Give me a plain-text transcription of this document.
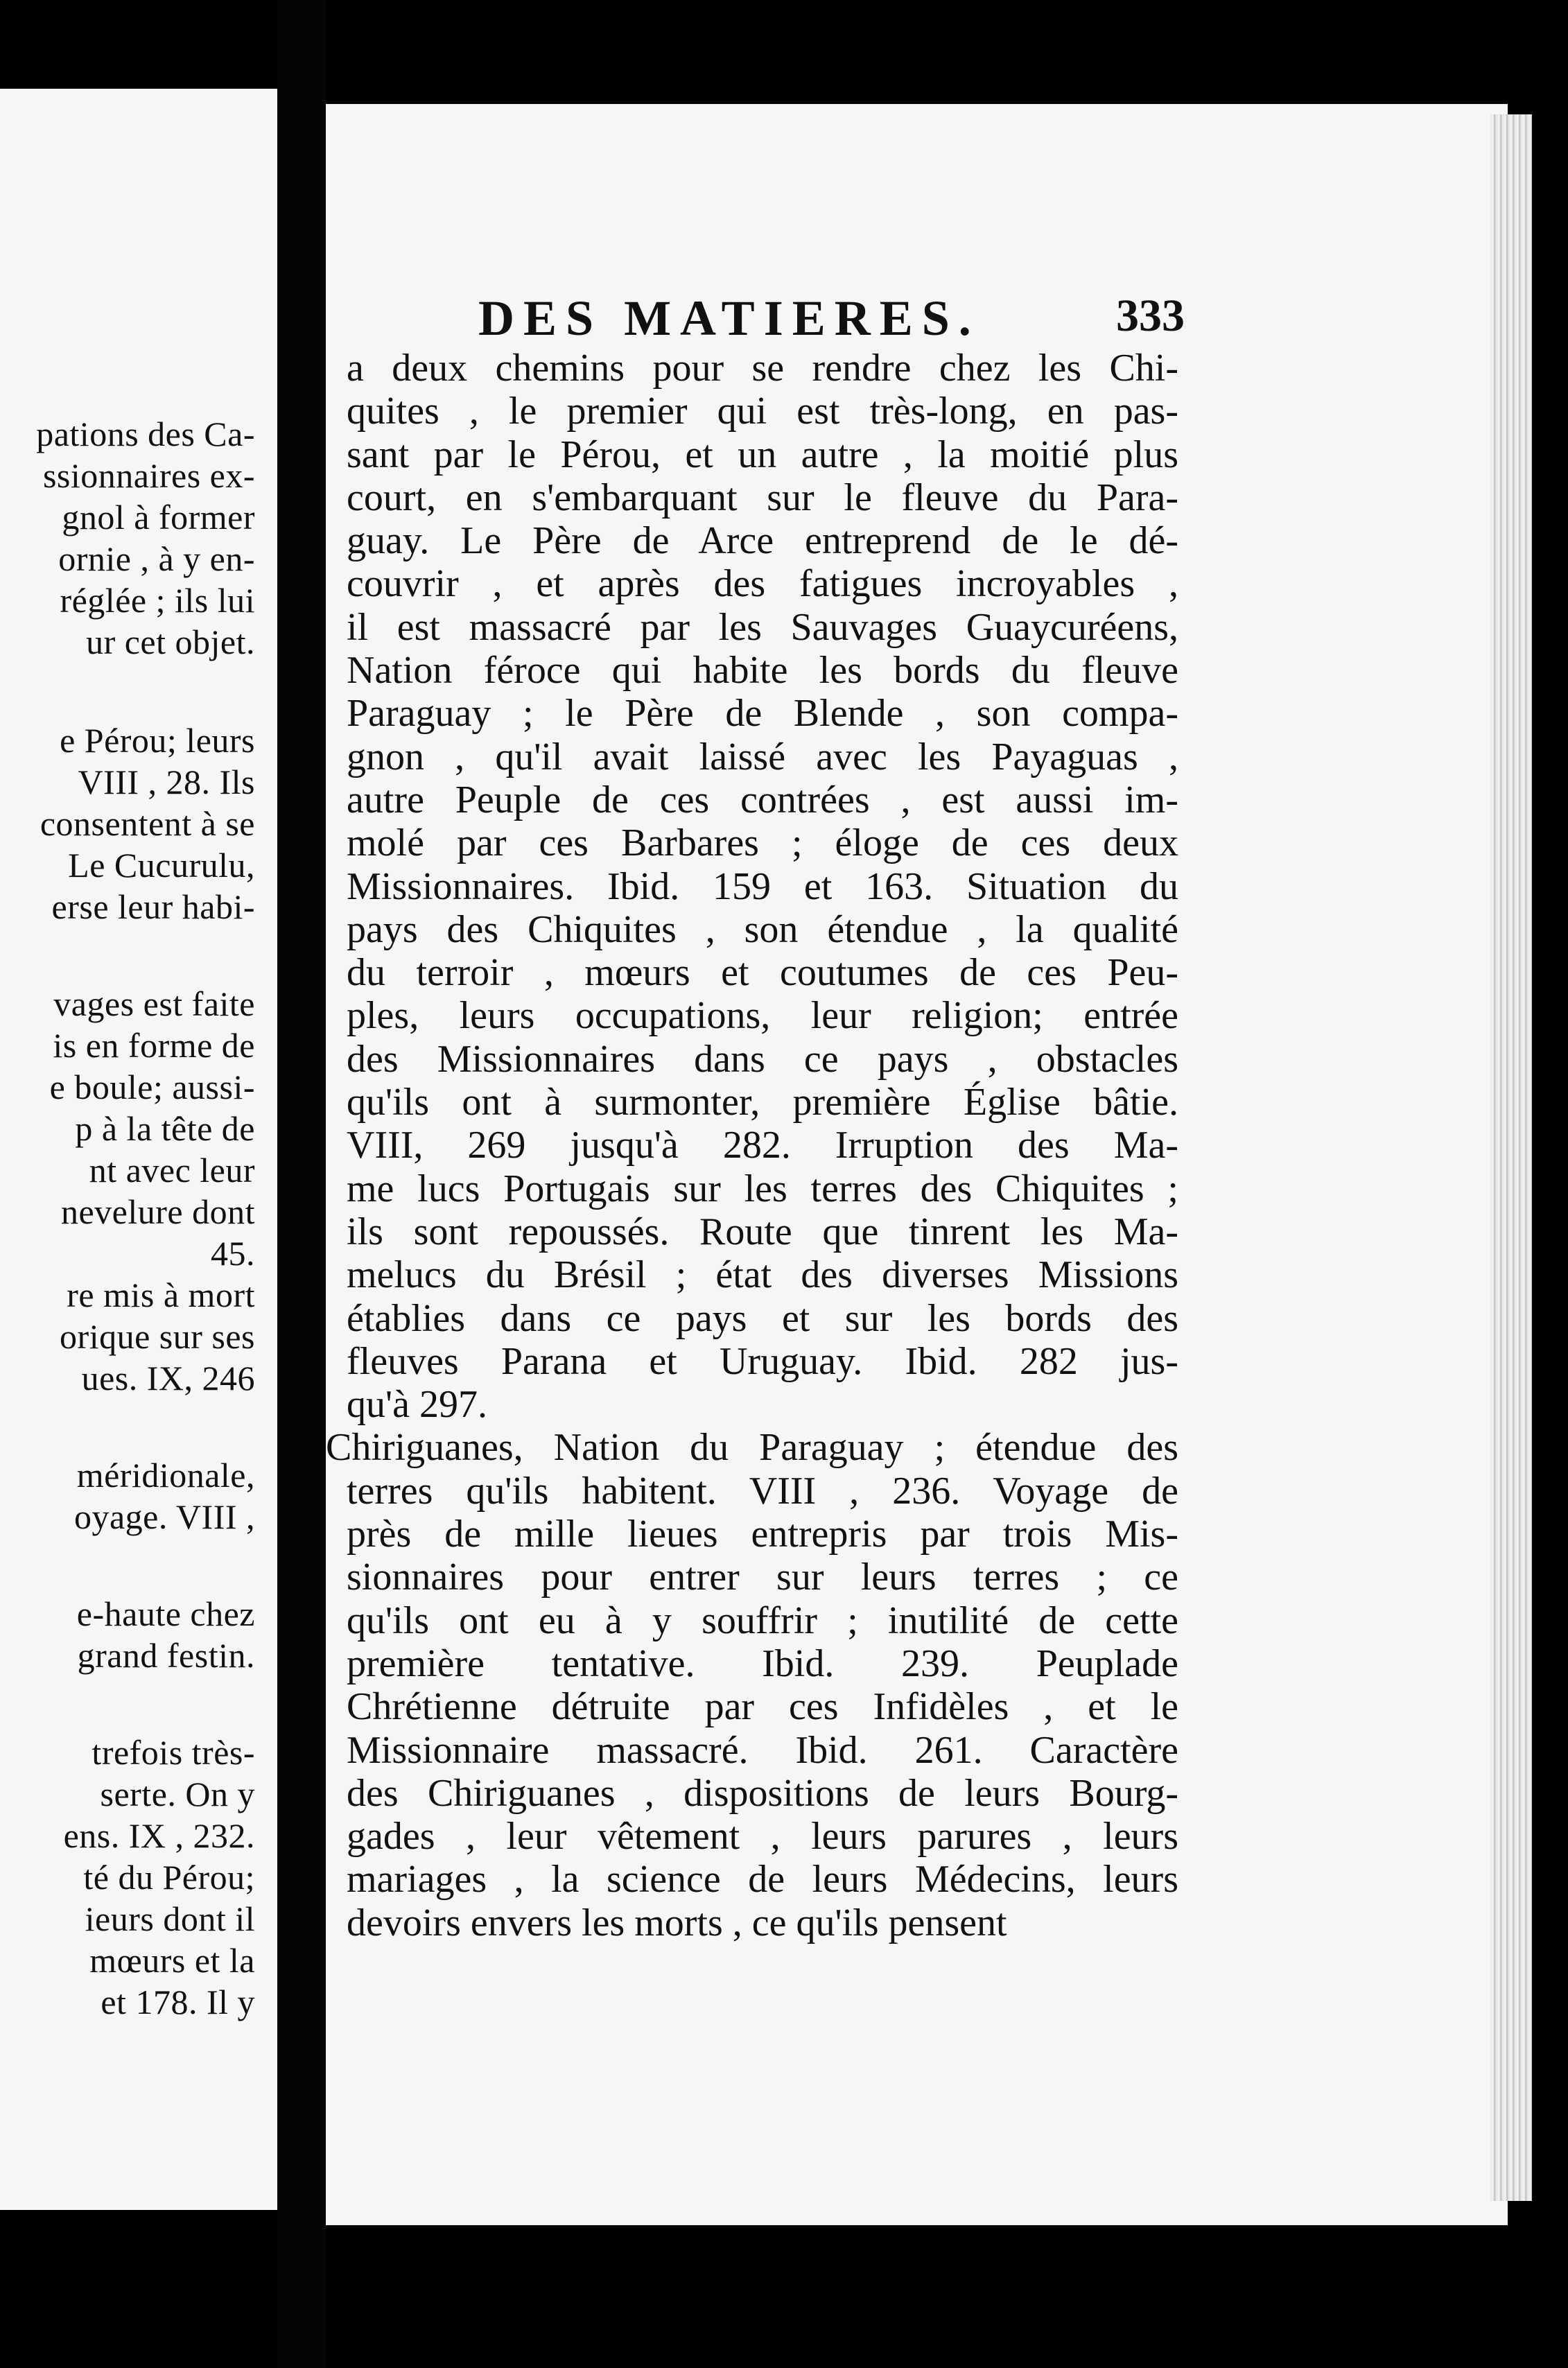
pations des Ca-
ssionnaires ex-
gnol à former
ornie , à y en-
réglée ; ils lui
ur cet objet.
e Pérou; leurs
VIII , 28. Ils
consentent à se
Le Cucurulu,
erse leur habi-
vages est faite
is en forme de
e boule; aussi-
p à la tête de
nt avec leur
nevelure dont
45.
re mis à mort
orique sur ses
ues. IX, 246
méridionale,
oyage. VIII ,
e-haute chez
grand festin.
trefois très-
serte. On y
ens. IX , 232.
té du Pérou;
ieurs dont il
mœurs et la
et 178. Il y
DES MATIERES.	333
a deux chemins pour se rendre chez les Chi-
quites , le premier qui est très-long, en pas-
sant par le Pérou, et un autre , la moitié plus
court, en s'embarquant sur le fleuve du Para-
guay. Le Père de Arce entreprend de le dé-
couvrir , et après des fatigues incroyables ,
il est massacré par les Sauvages Guaycuréens,
Nation féroce qui habite les bords du fleuve
Paraguay ; le Père de Blende , son compa-
gnon , qu'il avait laissé avec les Payaguas ,
autre Peuple de ces contrées , est aussi im-
molé par ces Barbares ; éloge de ces deux
Missionnaires. Ibid. 159 et 163. Situation du
pays des Chiquites , son étendue , la qualité
du terroir , mœurs et coutumes de ces Peu-
ples, leurs occupations, leur religion; entrée
des Missionnaires dans ce pays , obstacles
qu'ils ont à surmonter, première Église bâtie.
VIII, 269 jusqu'à 282. Irruption des Ma-
me lucs Portugais sur les terres des Chiquites ;
ils sont repoussés. Route que tinrent les Ma-
melucs du Brésil ; état des diverses Missions
établies dans ce pays et sur les bords des
fleuves Parana et Uruguay. Ibid. 282 jus-
qu'à 297.
Chiriguanes, Nation du Paraguay ; étendue des
terres qu'ils habitent. VIII , 236. Voyage de
près de mille lieues entrepris par trois Mis-
sionnaires pour entrer sur leurs terres ; ce
qu'ils ont eu à y souffrir ; inutilité de cette
première tentative. Ibid. 239. Peuplade
Chrétienne détruite par ces Infidèles , et le
Missionnaire massacré. Ibid. 261. Caractère
des Chiriguanes , dispositions de leurs Bourg-
gades , leur vêtement , leurs parures , leurs
mariages , la science de leurs Médecins, leurs
devoirs envers les morts , ce qu'ils pensent
